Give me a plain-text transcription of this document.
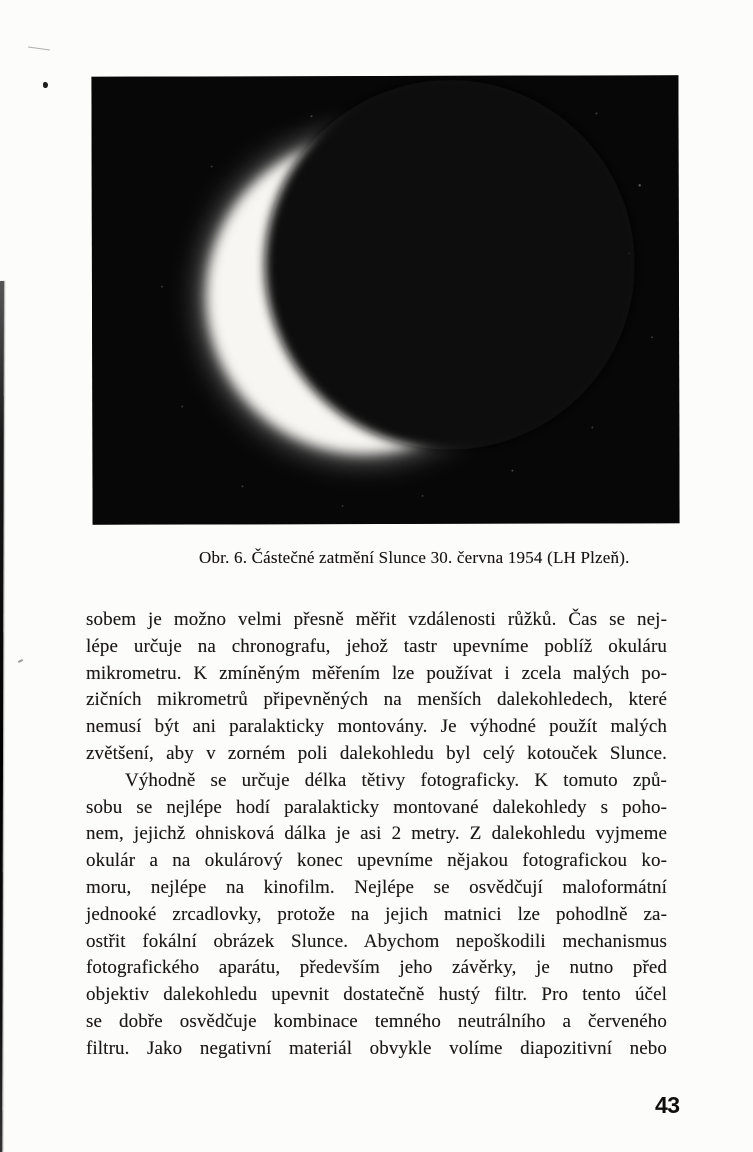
Obr. 6. Částečné zatmění Slunce 30. června 1954 (LH Plzeň).
sobem je možno velmi přesně měřit vzdálenosti růžků. Čas se nej-
lépe určuje na chronografu, jehož tastr upevníme poblíž okuláru
mikrometru. K zmíněným měřením lze používat i zcela malých po-
zičních mikrometrů připevněných na menších dalekohledech, které
nemusí být ani paralakticky montovány. Je výhodné použít malých
zvětšení, aby v zorném poli dalekohledu byl celý kotouček Slunce.
Výhodně se určuje délka tětivy fotograficky. K tomuto způ-
sobu se nejlépe hodí paralakticky montované dalekohledy s poho-
nem, jejichž ohnisková dálka je asi 2 metry. Z dalekohledu vyjmeme
okulár a na okulárový konec upevníme nějakou fotografickou ko-
moru, nejlépe na kinofilm. Nejlépe se osvědčují maloformátní
jednooké zrcadlovky, protože na jejich matnici lze pohodlně za-
ostřit fokální obrázek Slunce. Abychom nepoškodili mechanismus
fotografického aparátu, především jeho závěrky, je nutno před
objektiv dalekohledu upevnit dostatečně hustý filtr. Pro tento účel
se dobře osvědčuje kombinace temného neutrálního a červeného
filtru. Jako negativní materiál obvykle volíme diapozitivní nebo
43
